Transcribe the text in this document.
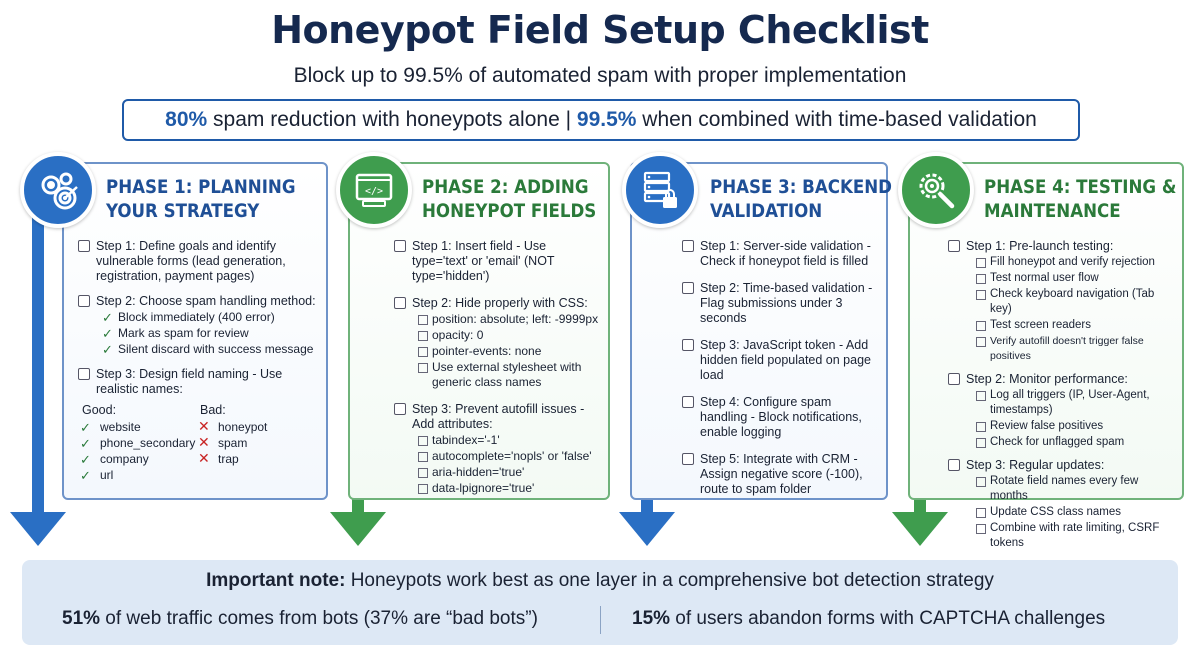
Honeypot Field Setup Checklist
Block up to 99.5% of automated spam with proper implementation
80% spam reduction with honeypots alone | 99.5% when combined with time-based validation
</>
PHASE 1: PLANNING
YOUR STRATEGY
PHASE 2: ADDING
HONEYPOT FIELDS
PHASE 3: BACKEND
VALIDATION
PHASE 4: TESTING &
MAINTENANCE
Step 1: Define goals and identify vulnerable forms (lead generation, registration, payment pages)
Step 2: Choose spam handling method:
✓ Block immediately (400 error)
✓ Mark as spam for review
✓ Silent discard with success message
Step 3: Design field naming - Use realistic names:
Good:
✓ website
✓ phone_secondary
✓ company
✓ url
Bad:
✕ honeypot
✕ spam
✕ trap
Step 1: Insert field - Use type='text' or 'email' (NOT type='hidden')
Step 2: Hide properly with CSS:
position: absolute; left: -9999px
opacity: 0
pointer-events: none
Use external stylesheet with generic class names
Step 3: Prevent autofill issues - Add attributes:
tabindex='-1'
autocomplete='nopls' or 'false'
aria-hidden='true'
data-lpignore='true'
Step 1: Server-side validation - Check if honeypot field is filled
Step 2: Time-based validation - Flag submissions under 3 seconds
Step 3: JavaScript token - Add hidden field populated on page load
Step 4: Configure spam handling - Block notifications, enable logging
Step 5: Integrate with CRM - Assign negative score (-100), route to spam folder
Step 1: Pre-launch testing:
Fill honeypot and verify rejection
Test normal user flow
Check keyboard navigation (Tab key)
Test screen readers
Verify autofill doesn't trigger false positives
Step 2: Monitor performance:
Log all triggers (IP, User-Agent, timestamps)
Review false positives
Check for unflagged spam
Step 3: Regular updates:
Rotate field names every few months
Update CSS class names
Combine with rate limiting, CSRF tokens
Important note: Honeypots work best as one layer in a comprehensive bot detection strategy
51% of web traffic comes from bots (37% are “bad bots”)	15% of users abandon forms with CAPTCHA challenges
